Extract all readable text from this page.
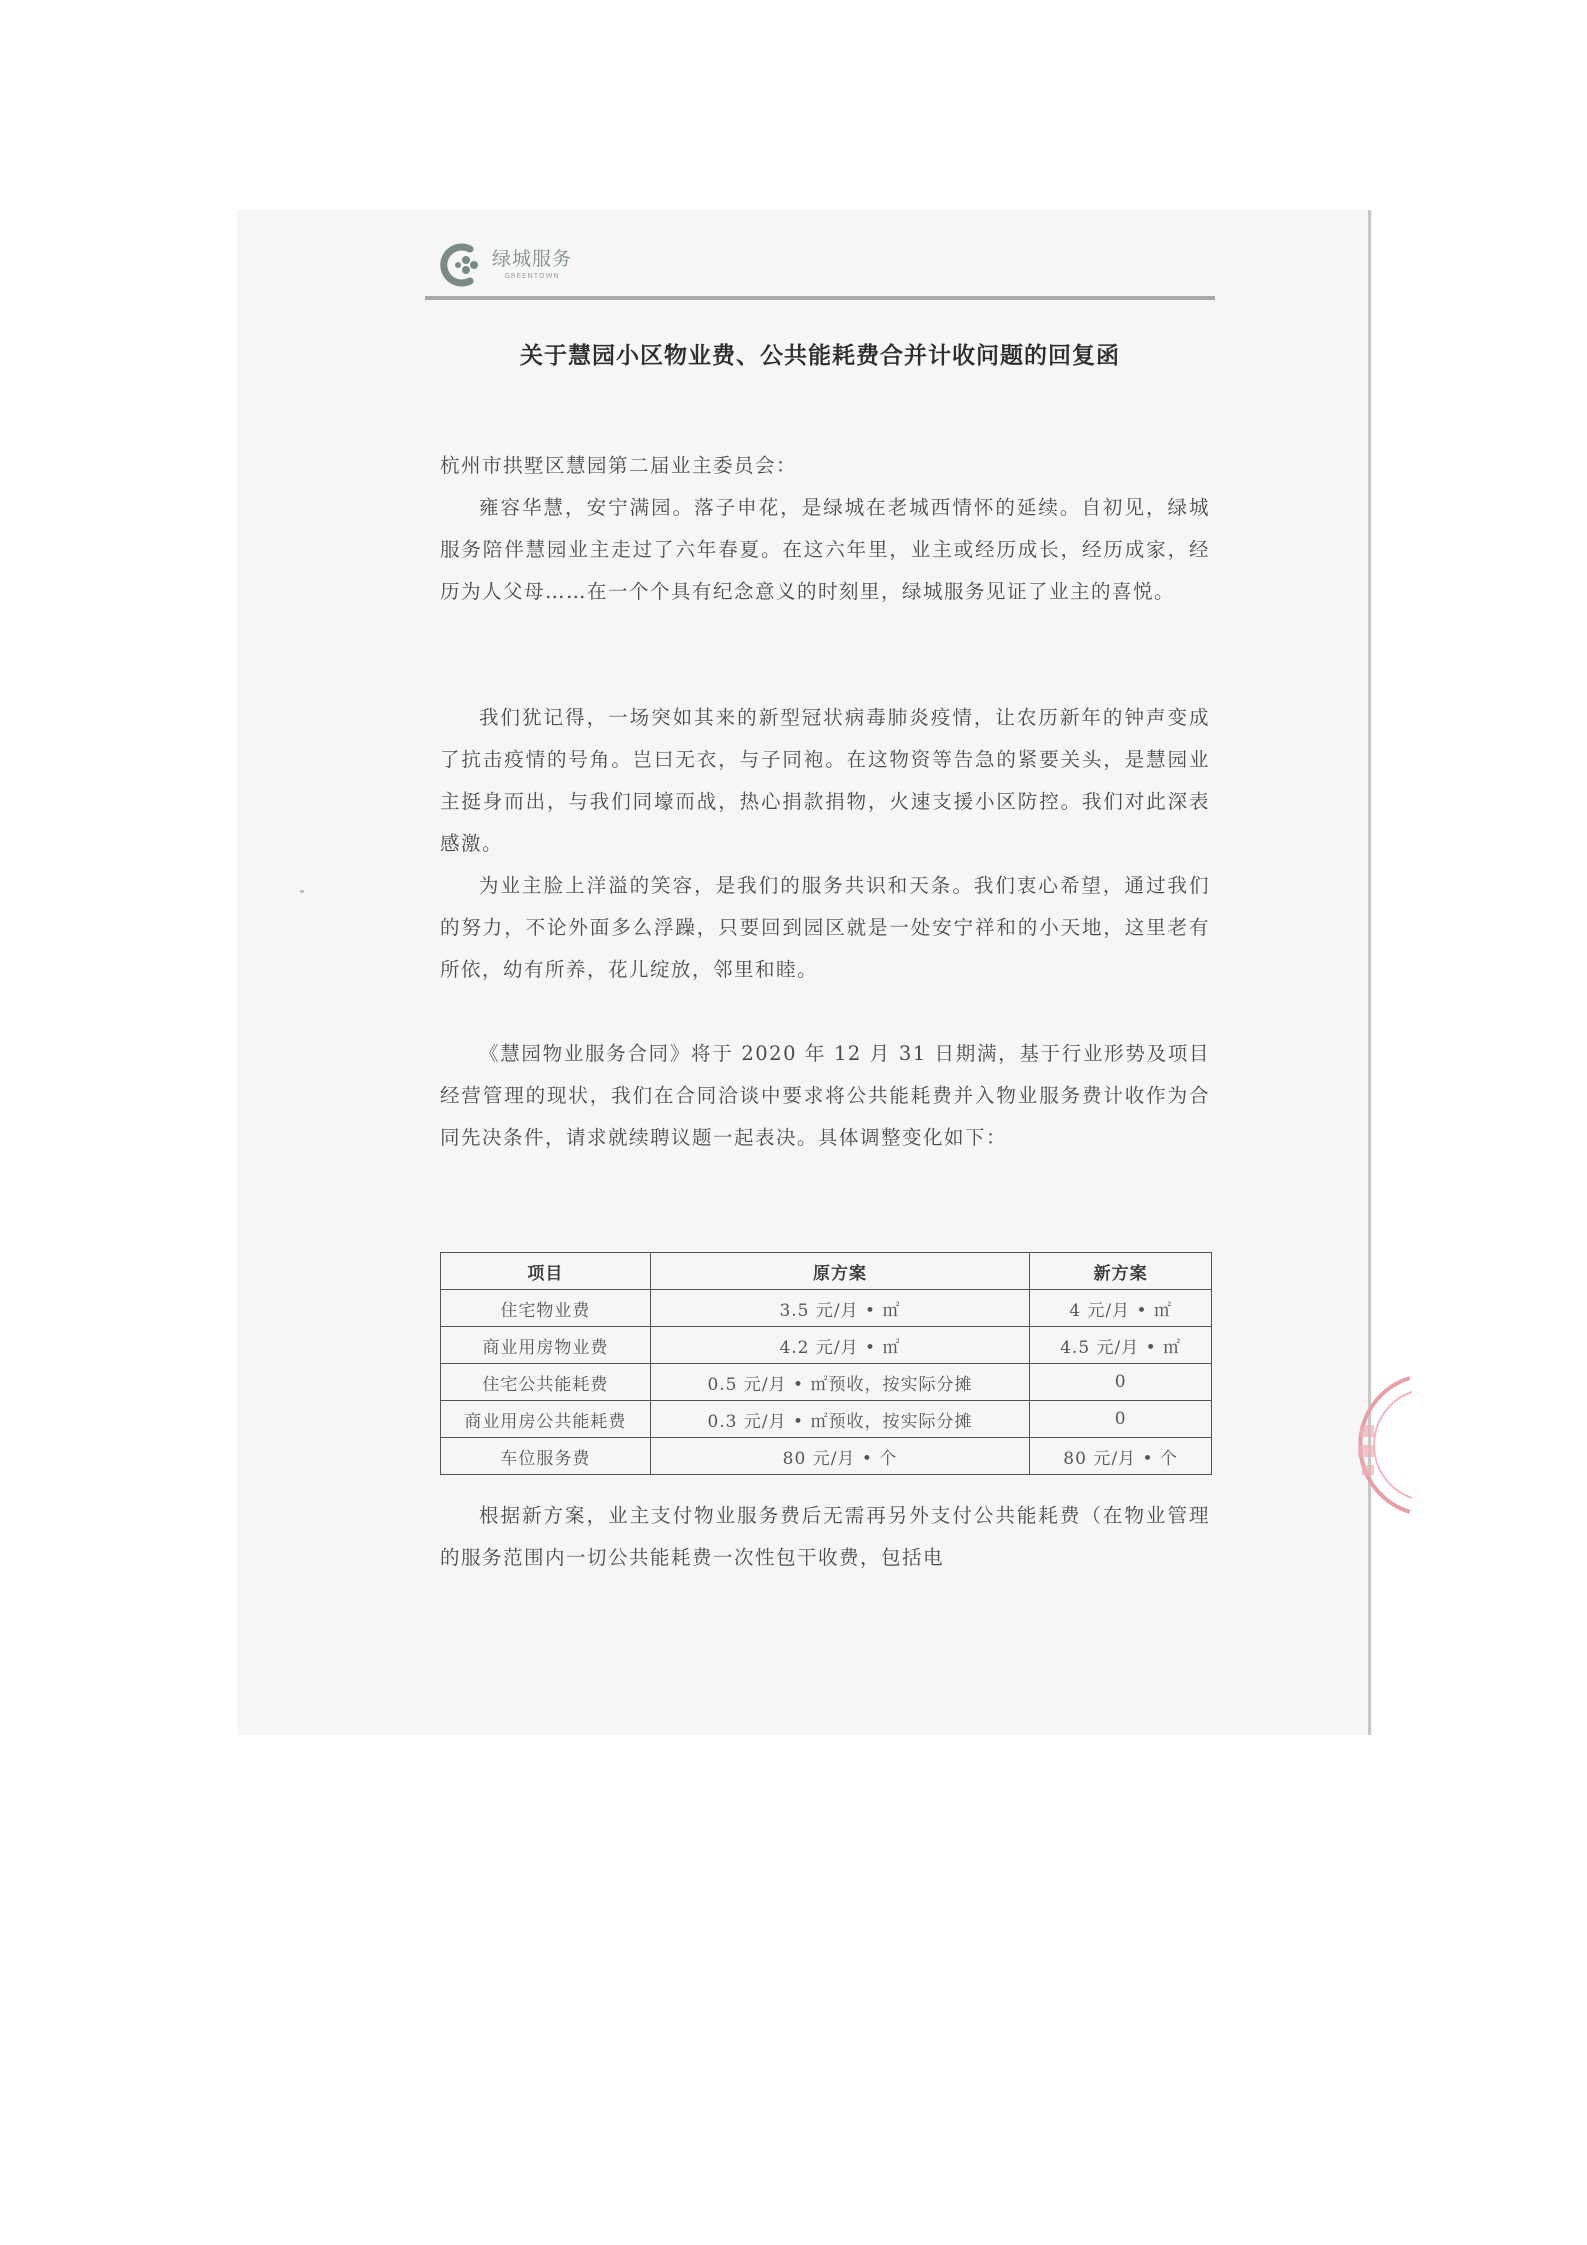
绿城服务
GREENTOWN
关于慧园小区物业费、公共能耗费合并计收问题的回复函
杭州市拱墅区慧园第二届业主委员会：

雍容华慧，安宁满园。落子申花，是绿城在老城西情怀的延续。自初见，绿城服务陪伴慧园业主走过了六年春夏。在这六年里，业主或经历成长，经历成家，经历为人父母……在一个个具有纪念意义的时刻里，绿城服务见证了业主的喜悦。

我们犹记得，一场突如其来的新型冠状病毒肺炎疫情，让农历新年的钟声变成了抗击疫情的号角。岂曰无衣，与子同袍。在这物资等告急的紧要关头，是慧园业主挺身而出，与我们同壕而战，热心捐款捐物，火速支援小区防控。我们对此深表感激。

为业主脸上洋溢的笑容，是我们的服务共识和天条。我们衷心希望，通过我们的努力，不论外面多么浮躁，只要回到园区就是一处安宁祥和的小天地，这里老有所依，幼有所养，花儿绽放，邻里和睦。

《慧园物业服务合同》将于 2020 年 12 月 31 日期满，基于行业形势及项目经营管理的现状，我们在合同洽谈中要求将公共能耗费并入物业服务费计收作为合同先决条件，请求就续聘议题一起表决。具体调整变化如下：

项目	原方案	新方案
住宅物业费	3.5 元/月 • ㎡	4 元/月 • ㎡
商业用房物业费	4.2 元/月 • ㎡	4.5 元/月 • ㎡
住宅公共能耗费	0.5 元/月 • ㎡预收，按实际分摊	0
商业用房公共能耗费	0.3 元/月 • ㎡预收，按实际分摊	0
车位服务费	80 元/月 • 个	80 元/月 • 个

根据新方案，业主支付物业服务费后无需再另外支付公共能耗费（在物业管理的服务范围内一切公共能耗费一次性包干收费，包括电
